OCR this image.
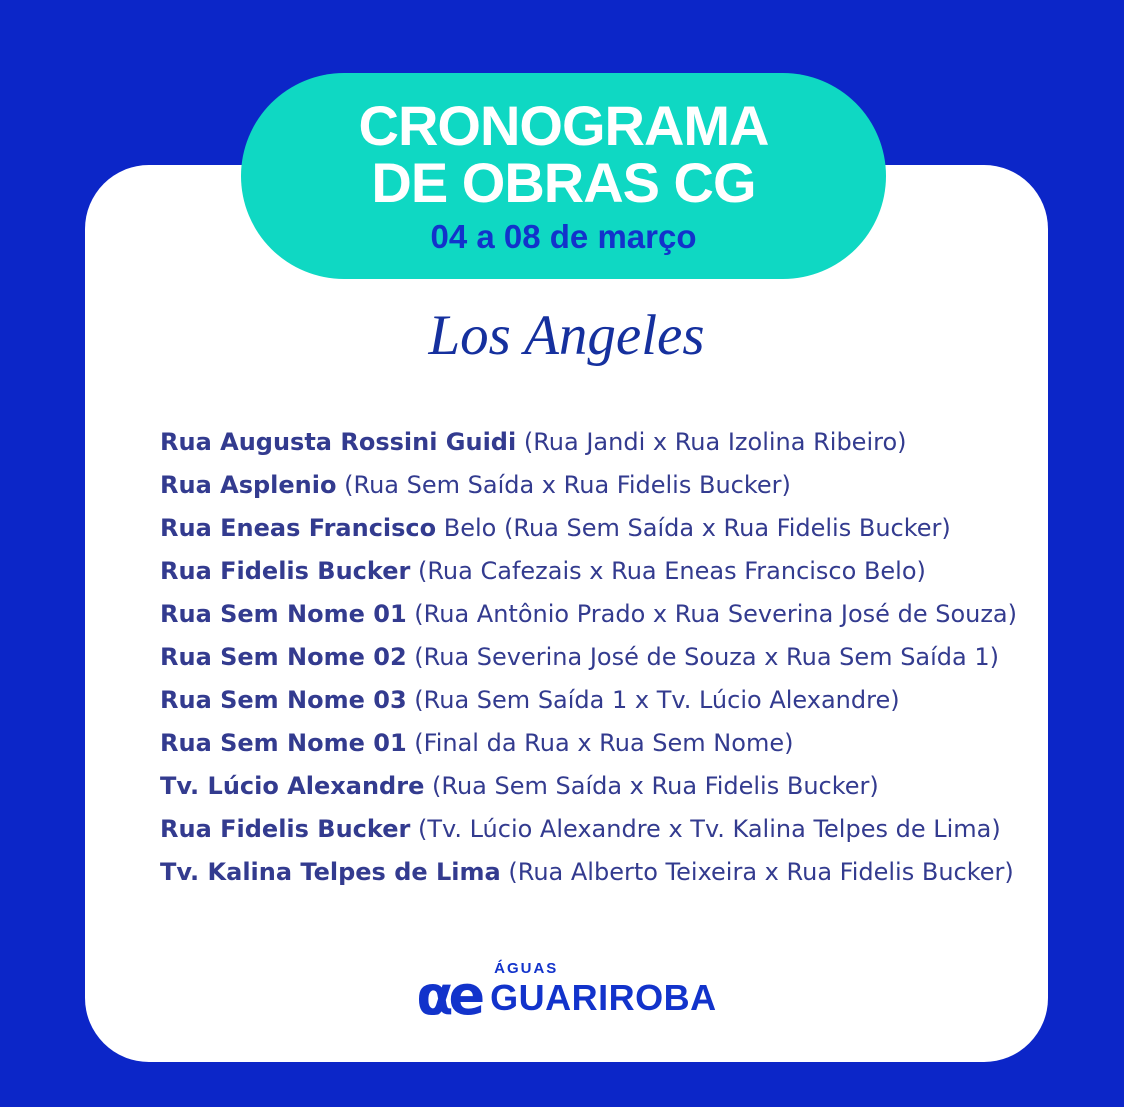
Los Angeles
Rua Augusta Rossini Guidi (Rua Jandi x Rua Izolina Ribeiro)
Rua Asplenio (Rua Sem Saída x Rua Fidelis Bucker)
Rua Eneas Francisco Belo (Rua Sem Saída x Rua Fidelis Bucker)
Rua Fidelis Bucker (Rua Cafezais x Rua Eneas Francisco Belo)
Rua Sem Nome 01 (Rua Antônio Prado x Rua Severina José de Souza)
Rua Sem Nome 02 (Rua Severina José de Souza x Rua Sem Saída 1)
Rua Sem Nome 03 (Rua Sem Saída 1 x Tv. Lúcio Alexandre)
Rua Sem Nome 01 (Final da Rua x Rua Sem Nome)
Tv. Lúcio Alexandre (Rua Sem Saída x Rua Fidelis Bucker)
Rua Fidelis Bucker (Tv. Lúcio Alexandre x Tv. Kalina Telpes de Lima)
Tv. Kalina Telpes de Lima (Rua Alberto Teixeira x Rua Fidelis Bucker)
αe ÁGUAS
GUARIROBA
CRONOGRAMA
DE OBRAS CG
04 a 08 de março
